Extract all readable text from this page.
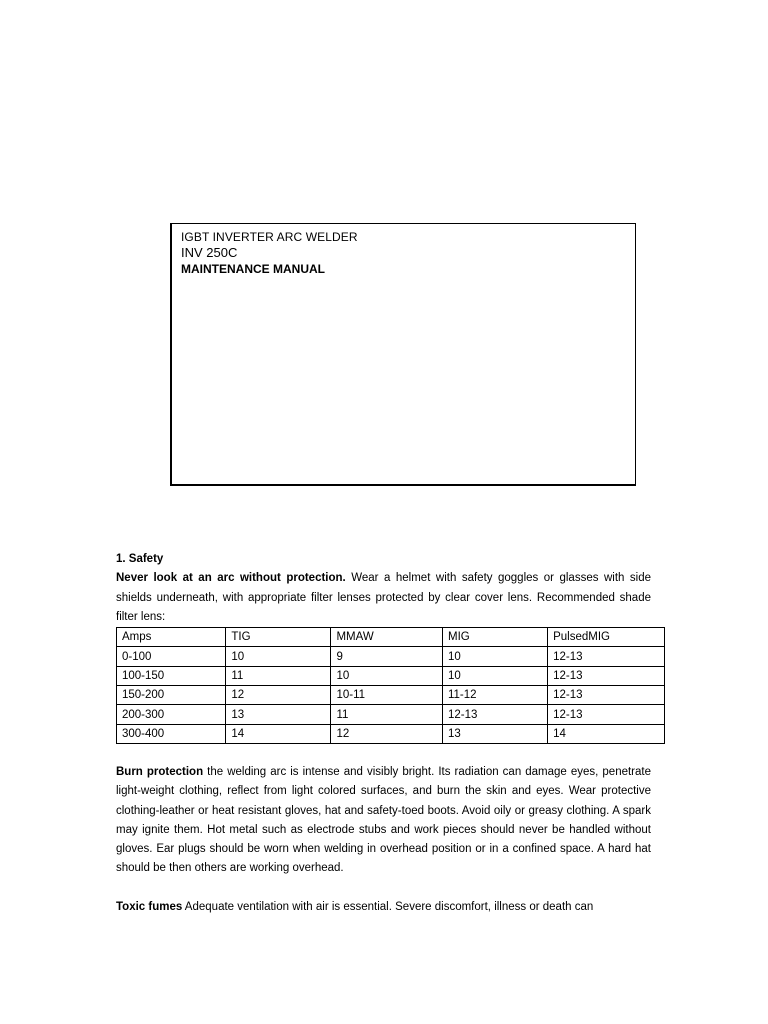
IGBT INVERTER ARC WELDER
INV 250C
MAINTENANCE MANUAL
1. Safety

Never look at an arc without protection. Wear a helmet with safety goggles or glasses with side shields underneath, with appropriate filter lenses protected by clear cover lens. Recommended shade filter lens:

Amps	TIG	MMAW	MIG	PulsedMIG
0-100	10	9	10	12-13
100-150	11	10	10	12-13
150-200	12	10-11	11-12	12-13
200-300	13	11	12-13	12-13
300-400	14	12	13	14

Burn protection the welding arc is intense and visibly bright. Its radiation can damage eyes, penetrate light-weight clothing, reflect from light colored surfaces, and burn the skin and eyes. Wear protective clothing-leather or heat resistant gloves, hat and safety-toed boots. Avoid oily or greasy clothing. A spark may ignite them. Hot metal such as electrode stubs and work pieces should never be handled without gloves. Ear plugs should be worn when welding in overhead position or in a confined space. A hard hat should be then others are working overhead.

Toxic fumes Adequate ventilation with air is essential. Severe discomfort, illness or death can
